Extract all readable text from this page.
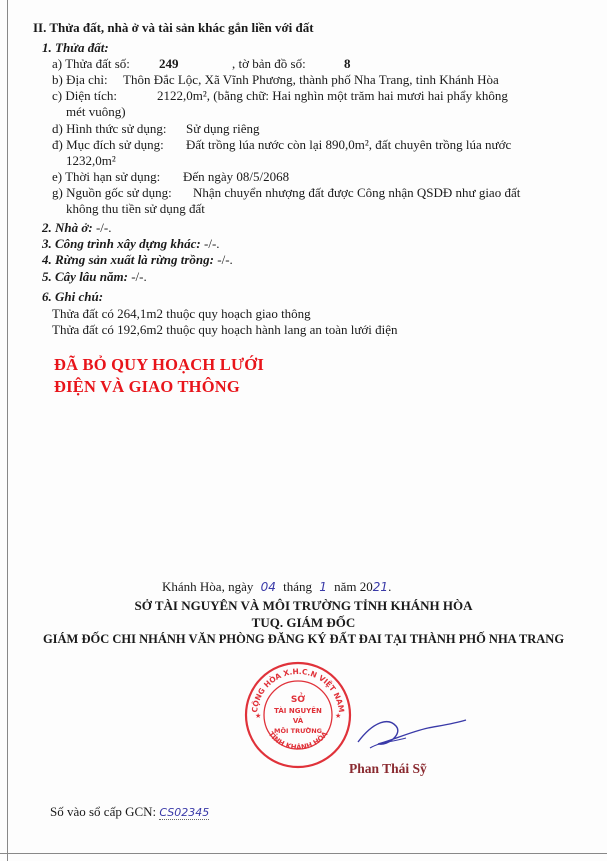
II. Thửa đất, nhà ở và tài sản khác gắn liền với đất
1. Thửa đất:
a) Thửa đất số: 249	, tờ bản đồ số:	8
b) Địa chỉ: Thôn Đắc Lộc, Xã Vĩnh Phương, thành phố Nha Trang, tỉnh Khánh Hòa
c) Diện tích:	2122,0m², (bằng chữ: Hai nghìn một trăm hai mươi hai phẩy không
mét vuông)
d) Hình thức sử dụng: Sử dụng riêng
đ) Mục đích sử dụng: Đất trồng lúa nước còn lại 890,0m², đất chuyên trồng lúa nước
1232,0m²
e) Thời hạn sử dụng: Đến ngày 08/5/2068
g) Nguồn gốc sử dụng: Nhận chuyển nhượng đất được Công nhận QSDĐ như giao đất
không thu tiền sử dụng đất
2. Nhà ở: -/-.
3. Công trình xây dựng khác: -/-.
4. Rừng sản xuất là rừng trồng: -/-.
5. Cây lâu năm: -/-.
6. Ghi chú:
Thửa đất có 264,1m2 thuộc quy hoạch giao thông
Thửa đất có 192,6m2 thuộc quy hoạch hành lang an toàn lưới điện
ĐÃ BỎ QUY HOẠCH LƯỚI
ĐIỆN VÀ GIAO THÔNG
Khánh Hòa, ngày 04 tháng 1 năm 2021.
SỞ TÀI NGUYÊN VÀ MÔI TRƯỜNG TỈNH KHÁNH HÒA
TUQ. GIÁM ĐỐC
GIÁM ĐỐC CHI NHÁNH VĂN PHÒNG ĐĂNG KÝ ĐẤT ĐAI TẠI THÀNH PHỐ NHA TRANG
CỘNG HÒA X.H.C.N VIỆT NAM
TỈNH KHÁNH HÒA
SỞ
TÀI NGUYÊN
VÀ
MÔI TRƯỜNG
★	★
Phan Thái Sỹ
Số vào sổ cấp GCN: CS02345
